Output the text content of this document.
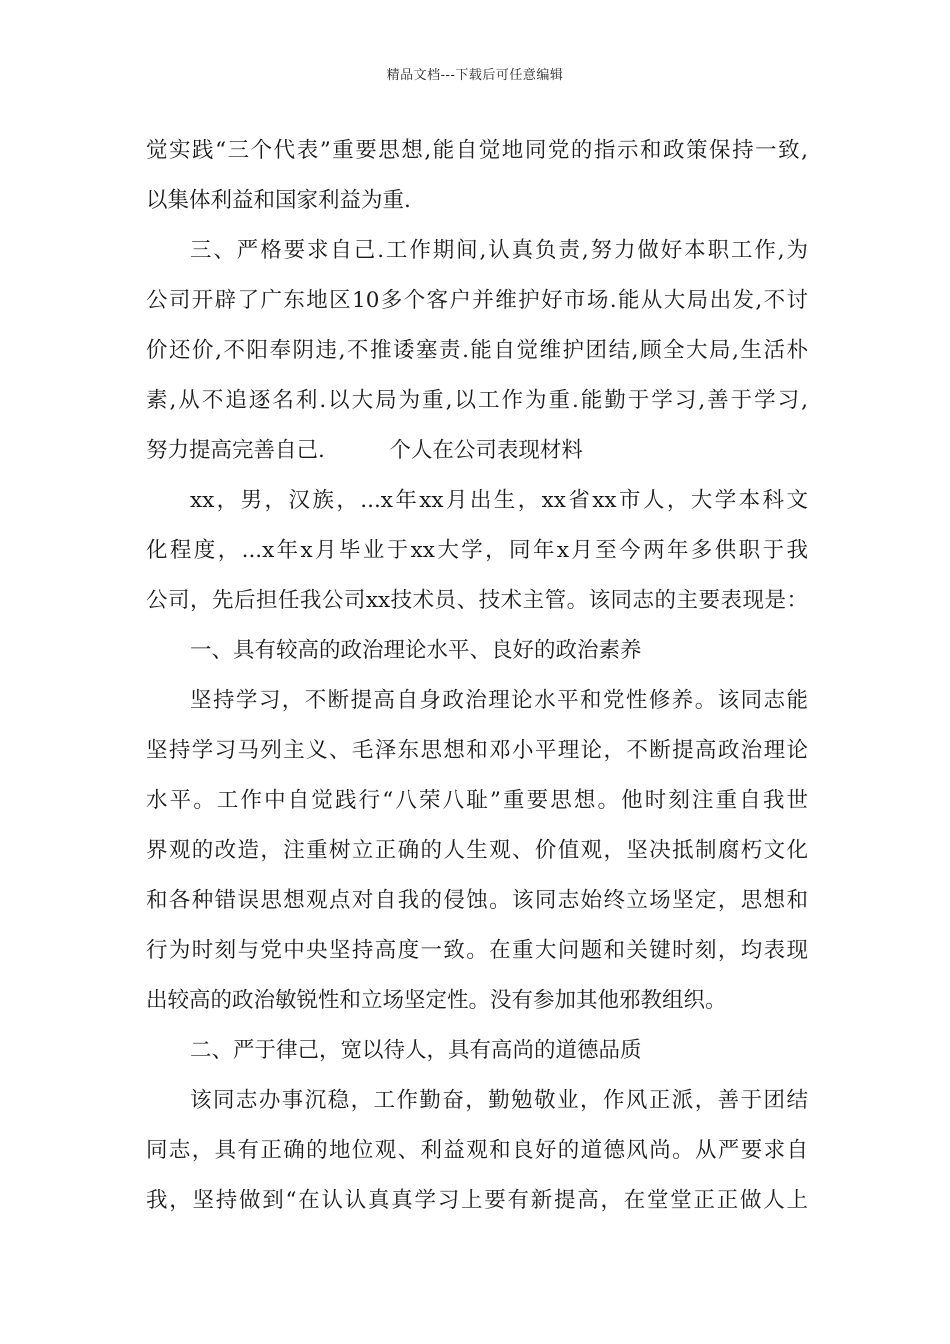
精品文档---下载后可任意编辑
觉实践“三个代表”重要思想,能自觉地同党的指示和政策保持一致,
以集体利益和国家利益为重.
三、严格要求自己.工作期间,认真负责,努力做好本职工作,为
公司开辟了广东地区10多个客户并维护好市场.能从大局出发,不讨
价还价,不阳奉阴违,不推诿塞责.能自觉维护团结,顾全大局,生活朴
素,从不追逐名利.以大局为重,以工作为重.能勤于学习,善于学习,
努力提高完善自己.　　　个人在公司表现材料
xx，男，汉族，...x年xx月出生，xx省xx市人，大学本科文
化程度，...x年x月毕业于xx大学，同年x月至今两年多供职于我
公司，先后担任我公司xx技术员、技术主管。该同志的主要表现是：
一、具有较高的政治理论水平、良好的政治素养
坚持学习，不断提高自身政治理论水平和党性修养。该同志能
坚持学习马列主义、毛泽东思想和邓小平理论，不断提高政治理论
水平。工作中自觉践行“八荣八耻”重要思想。他时刻注重自我世
界观的改造，注重树立正确的人生观、价值观，坚决抵制腐朽文化
和各种错误思想观点对自我的侵蚀。该同志始终立场坚定，思想和
行为时刻与党中央坚持高度一致。在重大问题和关键时刻，均表现
出较高的政治敏锐性和立场坚定性。没有参加其他邪教组织。
二、严于律己，宽以待人，具有高尚的道德品质
该同志办事沉稳，工作勤奋，勤勉敬业，作风正派，善于团结
同志，具有正确的地位观、利益观和良好的道德风尚。从严要求自
我，坚持做到“在认认真真学习上要有新提高，在堂堂正正做人上
